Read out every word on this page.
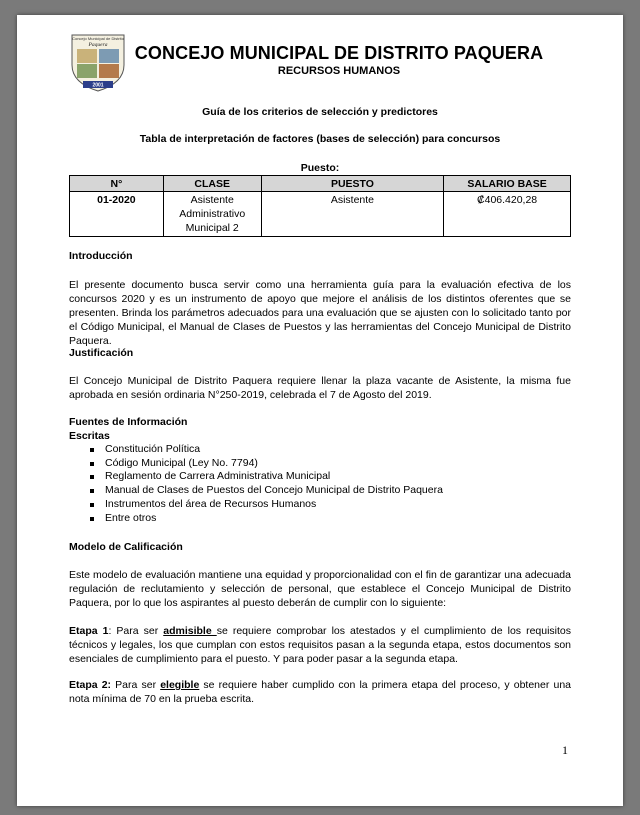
Concejo Municipal de Distrito
Paquera
2001
CONCEJO MUNICIPAL DE DISTRITO PAQUERA
RECURSOS HUMANOS
Guía de los criterios de selección y predictores
Tabla de interpretación de factores (bases de selección) para concursos
Puesto:
N°	CLASE	PUESTO	SALARIO BASE
01-2020	Asistente
Administrativo
Municipal 2	Asistente	₡406.420,28
Introducción
El presente documento busca servir como una herramienta guía para la evaluación efectiva de los concursos 2020 y es un instrumento de apoyo que mejore el análisis de los distintos oferentes que se presenten. Brinda los parámetros adecuados para una evaluación que se ajusten con lo solicitado tanto por el Código Municipal, el Manual de Clases de Puestos y las herramientas del Concejo Municipal de Distrito Paquera.
Justificación
El Concejo Municipal de Distrito Paquera requiere llenar la plaza vacante de Asistente, la misma fue aprobada en sesión ordinaria N°250-2019, celebrada el 7 de Agosto del 2019.
Fuentes de Información
Escritas
Constitución Política
Código Municipal (Ley No. 7794)
Reglamento de Carrera Administrativa Municipal
Manual de Clases de Puestos del Concejo Municipal de Distrito Paquera
Instrumentos del área de Recursos Humanos
Entre otros
Modelo de Calificación
Este modelo de evaluación mantiene una equidad y proporcionalidad con el fin de garantizar una adecuada regulación de reclutamiento y selección de personal, que establece el Concejo Municipal de Distrito Paquera, por lo que los aspirantes al puesto deberán de cumplir con lo siguiente:
Etapa 1: Para ser admisible se requiere comprobar los atestados y el cumplimiento de los requisitos técnicos y legales, los que cumplan con estos requisitos pasan a la segunda etapa, estos documentos son esenciales de cumplimiento para el puesto. Y para poder pasar a la segunda etapa.
Etapa 2: Para ser elegible se requiere haber cumplido con la primera etapa del proceso, y obtener una nota mínima de 70 en la prueba escrita.
1
